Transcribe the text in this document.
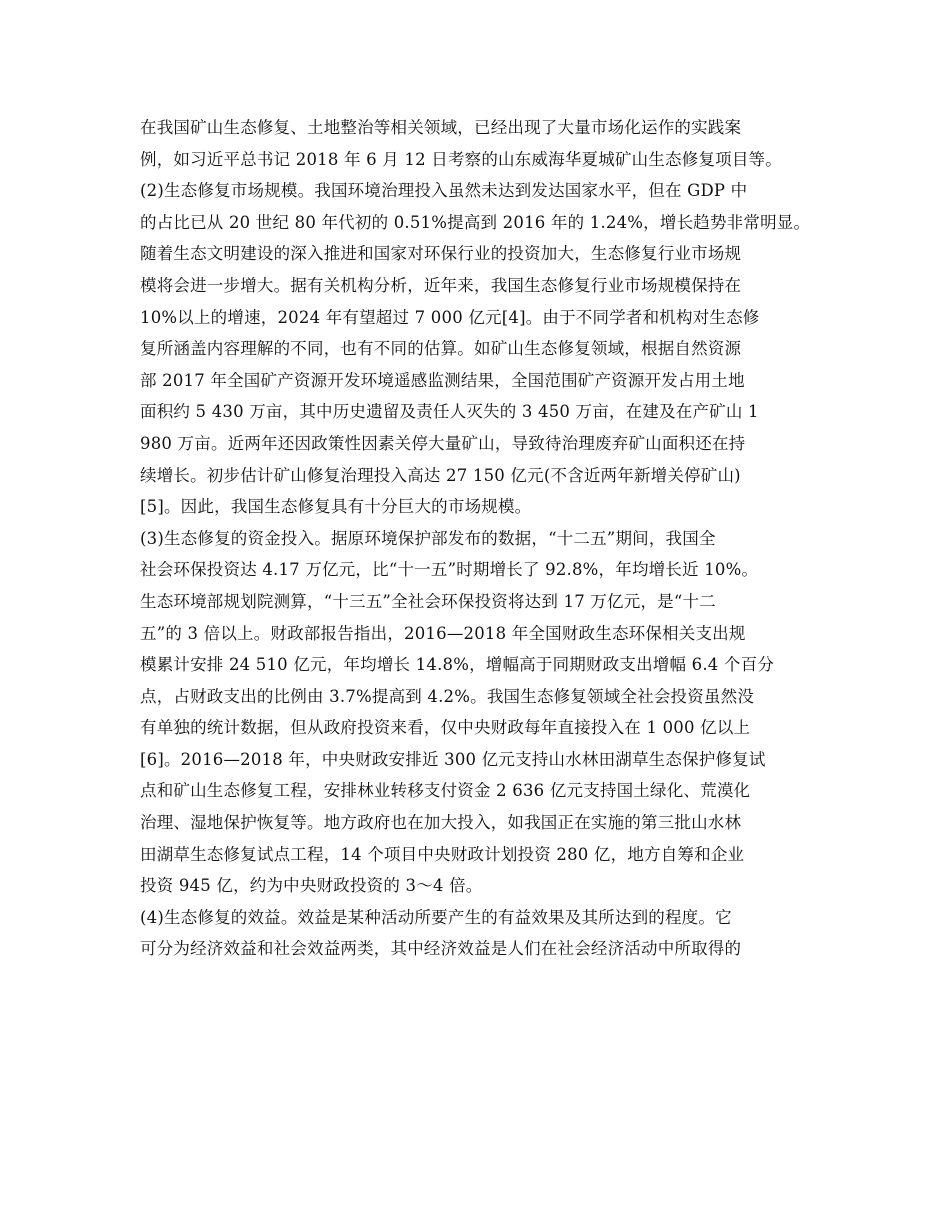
在我国矿山生态修复、土地整治等相关领域，已经出现了大量市场化运作的实践案
例，如习近平总书记 2018 年 6 月 12 日考察的山东威海华夏城矿山生态修复项目等。
(2)生态修复市场规模。我国环境治理投入虽然未达到发达国家水平，但在 GDP 中
的占比已从 20 世纪 80 年代初的 0.51%提高到 2016 年的 1.24%，增长趋势非常明显。
随着生态文明建设的深入推进和国家对环保行业的投资加大，生态修复行业市场规
模将会进一步增大。据有关机构分析，近年来，我国生态修复行业市场规模保持在
10%以上的增速，2024 年有望超过 7 000 亿元[4]。由于不同学者和机构对生态修
复所涵盖内容理解的不同，也有不同的估算。如矿山生态修复领域，根据自然资源
部 2017 年全国矿产资源开发环境遥感监测结果，全国范围矿产资源开发占用土地
面积约 5 430 万亩，其中历史遗留及责任人灭失的 3 450 万亩，在建及在产矿山 1
980 万亩。近两年还因政策性因素关停大量矿山，导致待治理废弃矿山面积还在持
续增长。初步估计矿山修复治理投入高达 27 150 亿元(不含近两年新增关停矿山)
[5]。因此，我国生态修复具有十分巨大的市场规模。
(3)生态修复的资金投入。据原环境保护部发布的数据，“十二五”期间，我国全
社会环保投资达 4.17 万亿元，比“十一五”时期增长了 92.8%，年均增长近 10%。
生态环境部规划院测算，“十三五”全社会环保投资将达到 17 万亿元，是“十二
五”的 3 倍以上。财政部报告指出，2016—2018 年全国财政生态环保相关支出规
模累计安排 24 510 亿元，年均增长 14.8%，增幅高于同期财政支出增幅 6.4 个百分
点，占财政支出的比例由 3.7%提高到 4.2%。我国生态修复领域全社会投资虽然没
有单独的统计数据，但从政府投资来看，仅中央财政每年直接投入在 1 000 亿以上
[6]。2016—2018 年，中央财政安排近 300 亿元支持山水林田湖草生态保护修复试
点和矿山生态修复工程，安排林业转移支付资金 2 636 亿元支持国土绿化、荒漠化
治理、湿地保护恢复等。地方政府也在加大投入，如我国正在实施的第三批山水林
田湖草生态修复试点工程，14 个项目中央财政计划投资 280 亿，地方自筹和企业
投资 945 亿，约为中央财政投资的 3～4 倍。
(4)生态修复的效益。效益是某种活动所要产生的有益效果及其所达到的程度。它
可分为经济效益和社会效益两类，其中经济效益是人们在社会经济活动中所取得的
